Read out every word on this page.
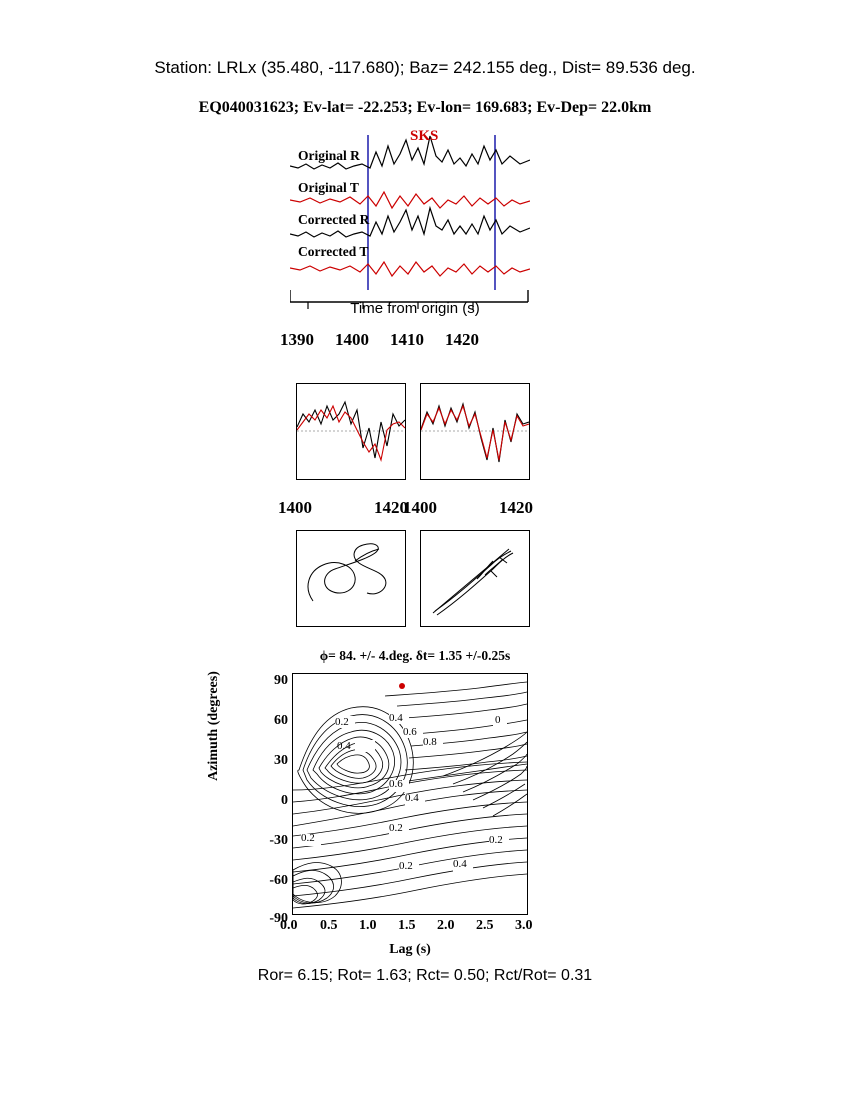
Station: LRLx (35.480, -117.680); Baz= 242.155 deg., Dist= 89.536 deg.
EQ040031623; Ev-lat= -22.253; Ev-lon= 169.683; Ev-Dep= 22.0km
Original R
Original T
Corrected R
Corrected T
SKS
Time from origin (s)
1390 1400 1410 1420
1400	1420
1400	1420
ϕ= 84. +/- 4.deg. δt= 1.35 +/-0.25s
0.2
0.4
0.4
0.6
0.8
0.6
0.4
0.2
0.2	0.2
0.4
0.2
0
90
60
30
0
-30
-60
-90
0.0 0.5 1.0 1.5 2.0 2.5 3.0
Azimuth (degrees)
Lag (s)
Ror= 6.15; Rot= 1.63; Rct= 0.50; Rct/Rot= 0.31
